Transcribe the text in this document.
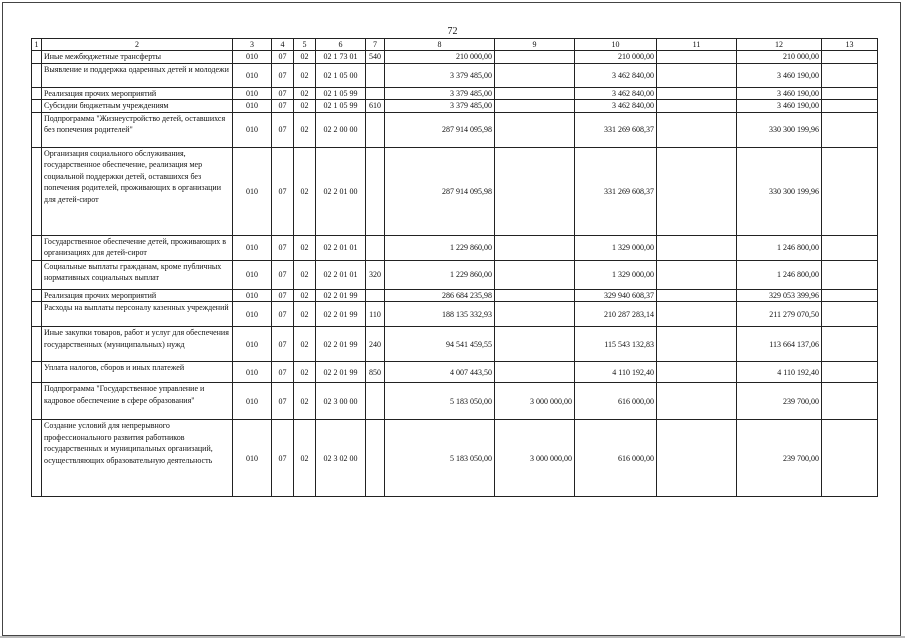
72
1	2	3	4	5	6	7	8	9	10	11	12	13
	Иные межбюджетные трансферты	010	07	02	02 1 73 01	540	210 000,00		210 000,00		210 000,00	
	Выявление и поддержка одаренных детей и молодежи	010	07	02	02 1 05 00		3 379 485,00		3 462 840,00		3 460 190,00	
	Реализация прочих мероприятий	010	07	02	02 1 05 99		3 379 485,00		3 462 840,00		3 460 190,00	
	Субсидии бюджетным учреждениям	010	07	02	02 1 05 99	610	3 379 485,00		3 462 840,00		3 460 190,00	
	Подпрограмма "Жизнеустройство детей, оставшихся без попечения родителей"	010	07	02	02 2 00 00		287 914 095,98		331 269 608,37		330 300 199,96	
	Организация социального обслуживания, государственное обеспечение, реализация мер социальной поддержки детей, оставшихся без попечения родителей, проживающих в организации для детей-сирот	010	07	02	02 2 01 00		287 914 095,98		331 269 608,37		330 300 199,96	
	Государственное обеспечение детей, проживающих в организациях для детей-сирот	010	07	02	02 2 01 01		1 229 860,00		1 329 000,00		1 246 800,00	
	Социальные выплаты гражданам, кроме публичных нормативных социальных выплат	010	07	02	02 2 01 01	320	1 229 860,00		1 329 000,00		1 246 800,00	
	Реализация прочих мероприятий	010	07	02	02 2 01 99		286 684 235,98		329 940 608,37		329 053 399,96	
	Расходы на выплаты персоналу казенных учреждений	010	07	02	02 2 01 99	110	188 135 332,93		210 287 283,14		211 279 070,50	
	Иные закупки товаров, работ и услуг для обеспечения государственных (муниципальных) нужд	010	07	02	02 2 01 99	240	94 541 459,55		115 543 132,83		113 664 137,06	
	Уплата налогов, сборов и иных платежей	010	07	02	02 2 01 99	850	4 007 443,50		4 110 192,40		4 110 192,40	
	Подпрограмма "Государственное управление и кадровое обеспечение в сфере образования"	010	07	02	02 3 00 00		5 183 050,00	3 000 000,00	616 000,00		239 700,00	
	Создание условий для непрерывного профессионального развития работников государственных и муниципальных организаций, осуществляющих образовательную деятельность	010	07	02	02 3 02 00		5 183 050,00	3 000 000,00	616 000,00		239 700,00	
